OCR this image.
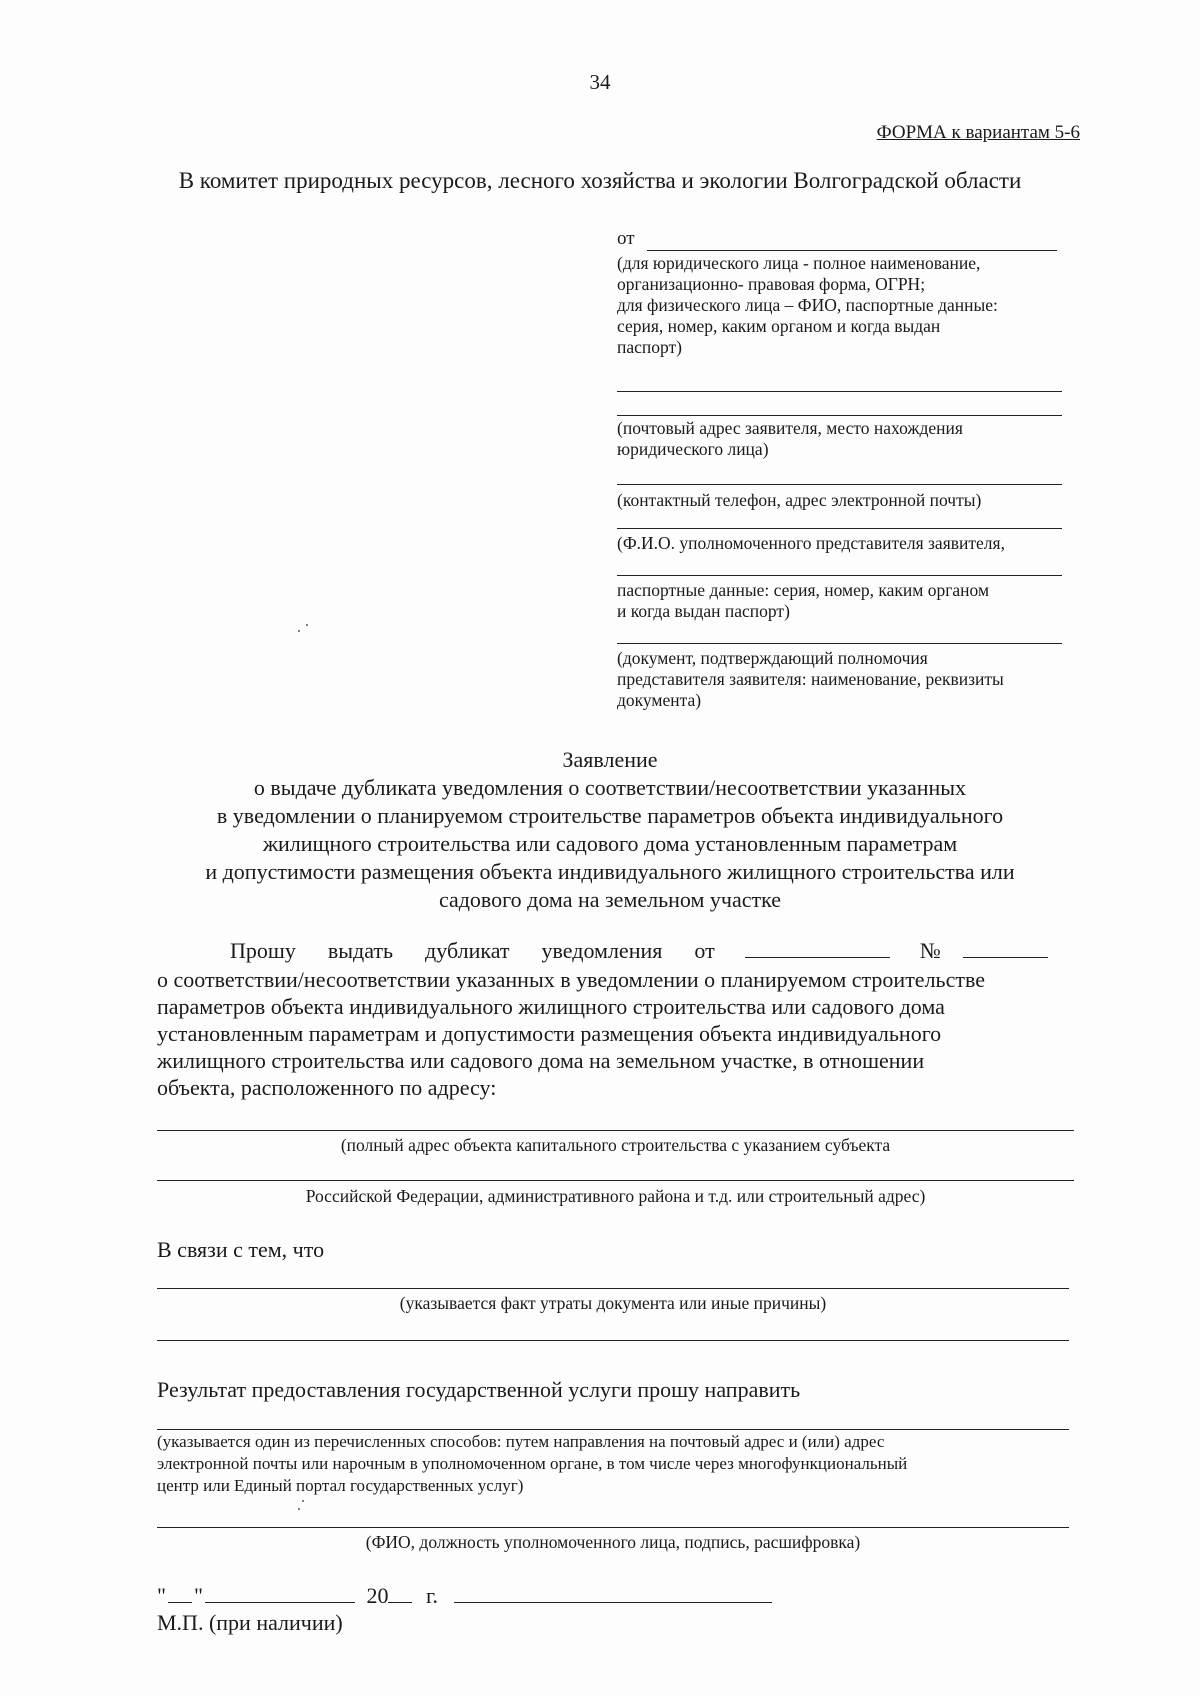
34
ФОРМА к вариантам 5-6
В комитет природных ресурсов, лесного хозяйства и экологии Волгоградской области
от
(для юридического лица - полное наименование,
организационно- правовая форма, ОГРН;
для физического лица – ФИО, паспортные данные:
серия, номер, каким органом и когда выдан
паспорт)
(почтовый адрес заявителя, место нахождения
юридического лица)
(контактный телефон, адрес электронной почты)
(Ф.И.О. уполномоченного представителя заявителя,
паспортные данные: серия, номер, каким органом
и когда выдан паспорт)
(документ, подтверждающий полномочия
представителя заявителя: наименование, реквизиты
документа)
Заявление
о выдаче дубликата уведомления о соответствии/несоответствии указанных
в уведомлении о планируемом строительстве параметров объекта индивидуального
жилищного строительства или садового дома установленным параметрам
и допустимости размещения объекта индивидуального жилищного строительства или
садового дома на земельном участке
Прошу выдать дубликат уведомления от	№
о соответствии/несоответствии указанных в уведомлении о планируемом строительстве
параметров объекта индивидуального жилищного строительства или садового дома
установленным параметрам и допустимости размещения объекта индивидуального
жилищного строительства или садового дома на земельном участке, в отношении
объекта, расположенного по адресу:
(полный адрес объекта капитального строительства с указанием субъекта
Российской Федерации, административного района и т.д. или строительный адрес)
В связи с тем, что
(указывается факт утраты документа или иные причины)
Результат предоставления государственной услуги прошу направить
(указывается один из перечисленных способов: путем направления на почтовый адрес и (или) адрес
электронной почты или нарочным в уполномоченном органе, в том числе через многофункциональный
центр или Единый портал государственных услуг)
(ФИО, должность уполномоченного лица, подпись, расшифровка)
" "	20 г.
М.П. (при наличии)
